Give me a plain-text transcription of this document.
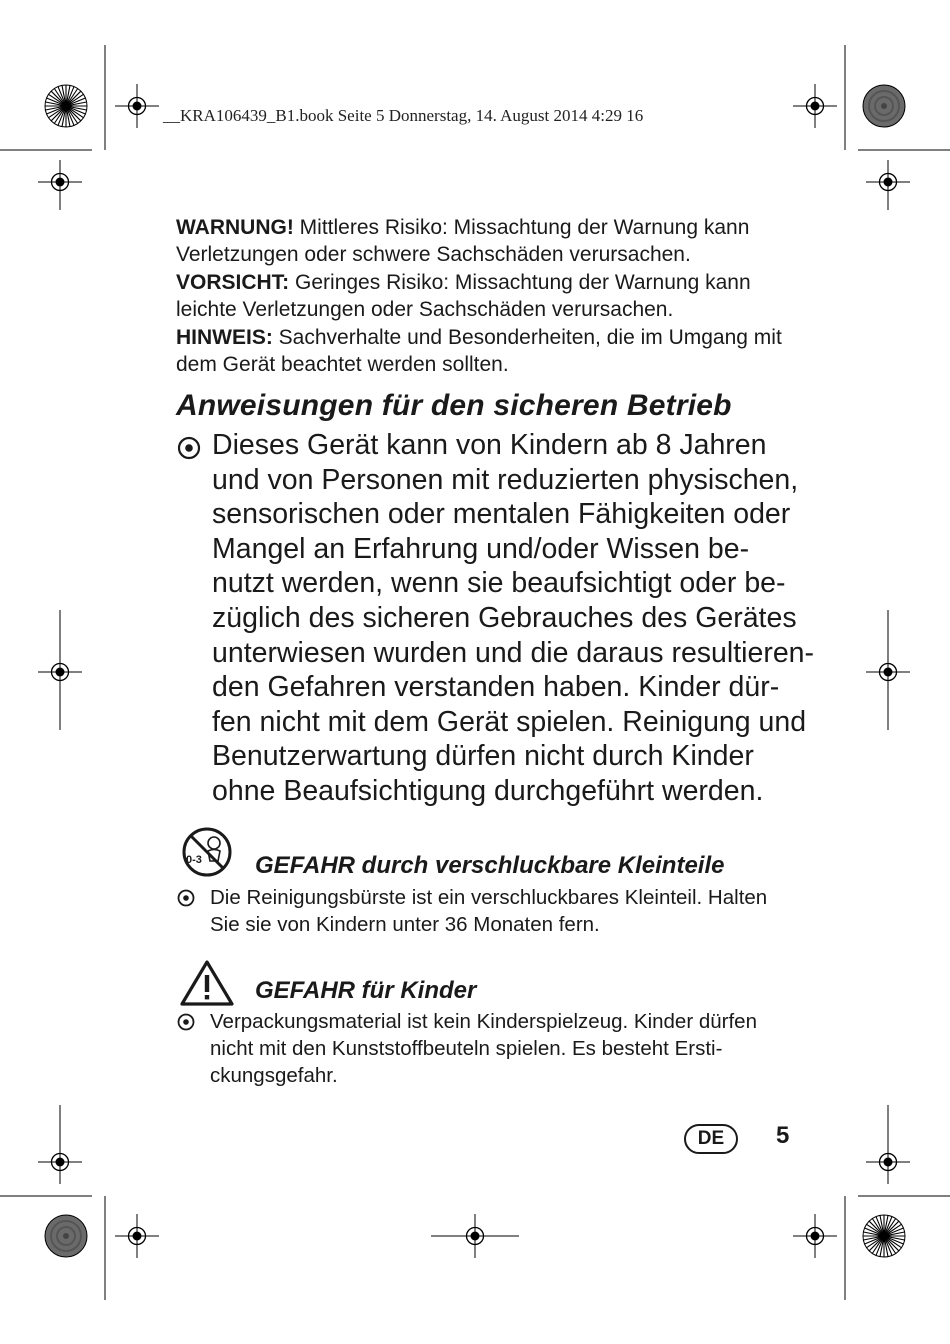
__KRA106439_B1.book Seite 5 Donnerstag, 14. August 2014 4:29 16

WARNUNG! Mittleres Risiko: Missachtung der Warnung kann Verletzungen oder schwere Sachschäden verursachen.

VORSICHT: Geringes Risiko: Missachtung der Warnung kann leichte Verletzungen oder Sachschäden verursachen.

HINWEIS: Sachverhalte und Besonderheiten, die im Umgang mit dem Gerät beachtet werden sollten.

Anweisungen für den sicheren Betrieb
Dieses Gerät kann von Kindern ab 8 Jahren
und von Personen mit reduzierten physischen,
sensorischen oder mentalen Fähigkeiten oder
Mangel an Erfahrung und/oder Wissen be-
nutzt werden, wenn sie beaufsichtigt oder be-
züglich des sicheren Gebrauches des Gerätes
unterwiesen wurden und die daraus resultieren-
den Gefahren verstanden haben. Kinder dür-
fen nicht mit dem Gerät spielen. Reinigung und
Benutzerwartung dürfen nicht durch Kinder
ohne Beaufsichtigung durchgeführt werden.
0-3 GEFAHR durch verschluckbare Kleinteile
Die Reinigungsbürste ist ein verschluckbares Kleinteil. Halten
Sie sie von Kindern unter 36 Monaten fern.
GEFAHR für Kinder
Verpackungsmaterial ist kein Kinderspielzeug. Kinder dürfen
nicht mit den Kunststoffbeuteln spielen. Es besteht Ersti-
ckungsgefahr.
DE	5
